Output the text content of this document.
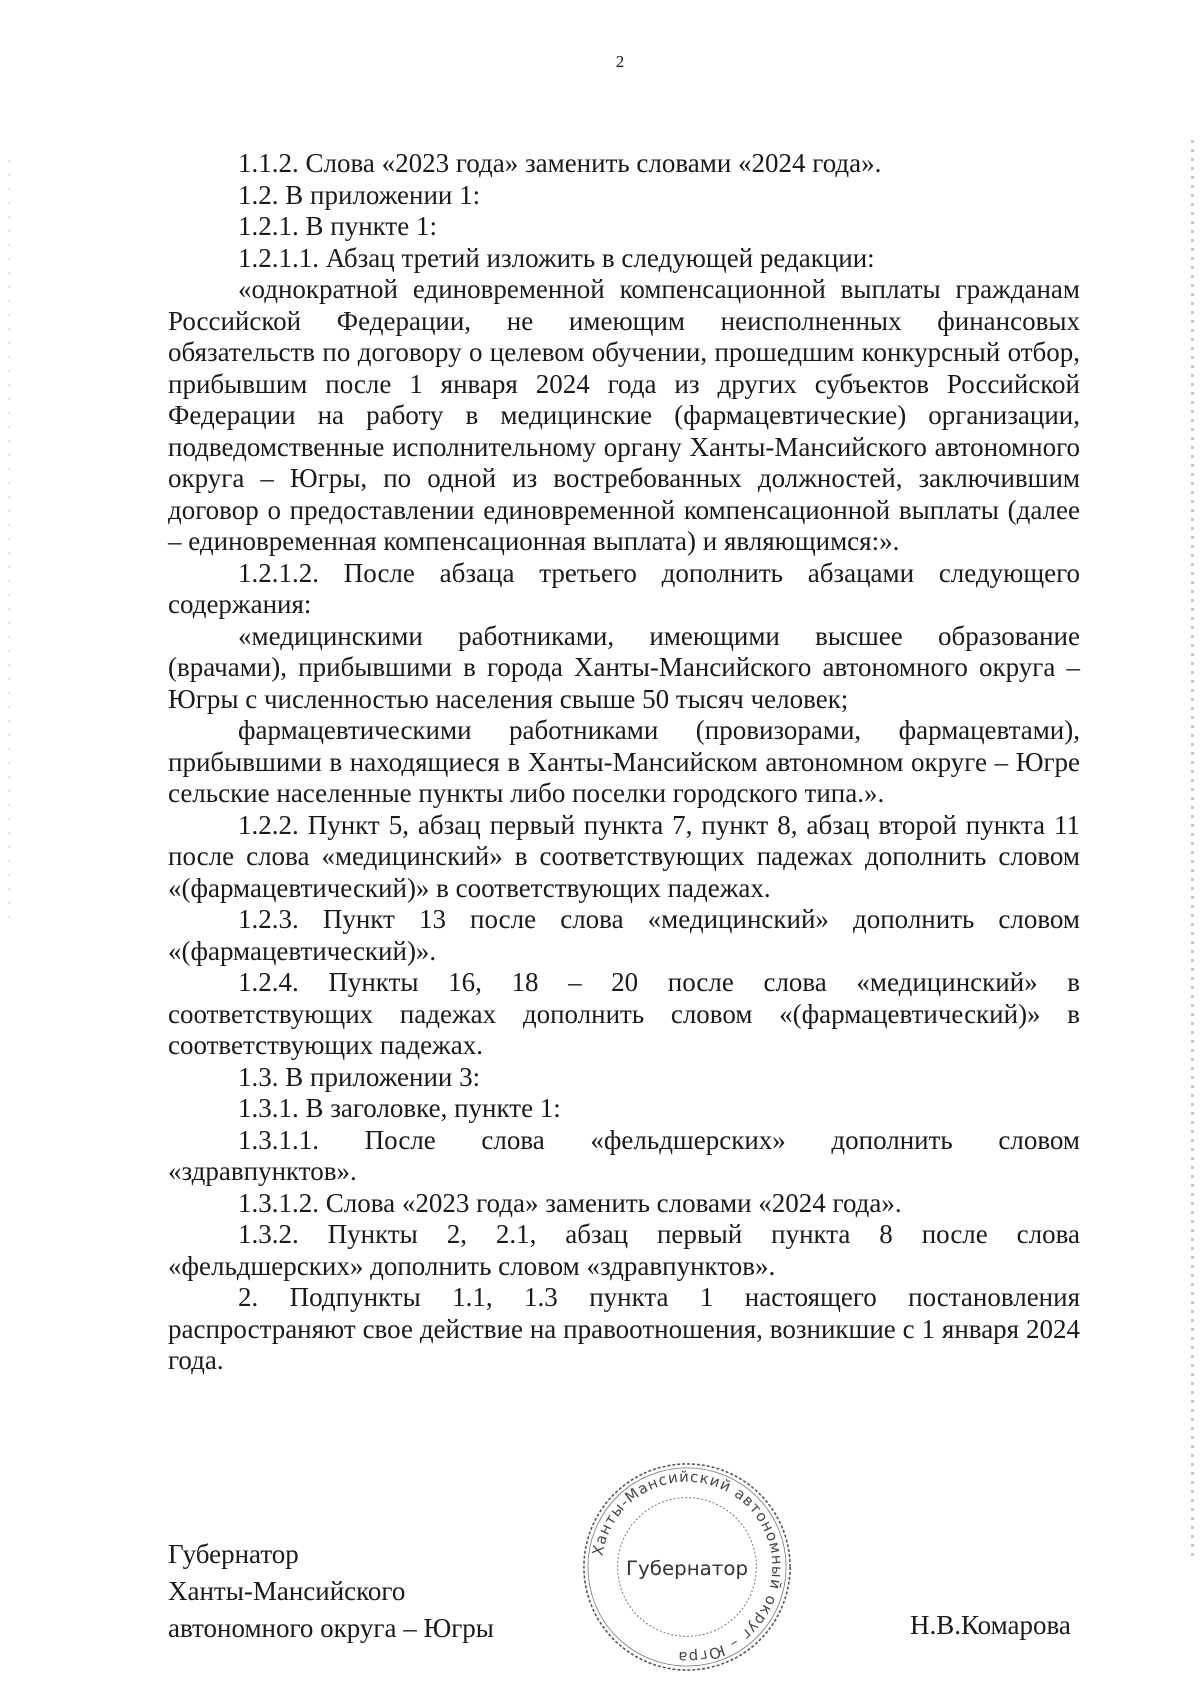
2

1.1.2. Слова «2023 года» заменить словами «2024 года».

1.2. В приложении 1:

1.2.1. В пункте 1:

1.2.1.1. Абзац третий изложить в следующей редакции:

«однократной единовременной компенсационной выплаты гражданам Российской Федерации, не имеющим неисполненных финансовых обязательств по договору о целевом обучении, прошедшим конкурсный отбор, прибывшим после 1 января 2024 года из других субъектов Российской Федерации на работу в медицинские (фармацевтические) организации, подведомственные исполнительному органу Ханты-Мансийского автономного округа – Югры, по одной из востребованных должностей, заключившим договор о предоставлении единовременной компенсационной выплаты (далее – единовременная компенсационная выплата) и являющимся:».

1.2.1.2. После абзаца третьего дополнить абзацами следующего содержания:

«медицинскими работниками, имеющими высшее образование (врачами), прибывшими в города Ханты-Мансийского автономного округа – Югры с численностью населения свыше 50 тысяч человек;

фармацевтическими работниками (провизорами, фармацевтами), прибывшими в находящиеся в Ханты-Мансийском автономном округе – Югре сельские населенные пункты либо поселки городского типа.».

1.2.2. Пункт 5, абзац первый пункта 7, пункт 8, абзац второй пункта 11 после слова «медицинский» в соответствующих падежах дополнить словом «(фармацевтический)» в соответствующих падежах.

1.2.3. Пункт 13 после слова «медицинский» дополнить словом «(фармацевтический)».

1.2.4. Пункты 16, 18 – 20 после слова «медицинский» в соответствующих падежах дополнить словом «(фармацевтический)» в соответствующих падежах.

1.3. В приложении 3:

1.3.1. В заголовке, пункте 1:

1.3.1.1. После слова «фельдшерских» дополнить словом «здравпунктов».

1.3.1.2. Слова «2023 года» заменить словами «2024 года».

1.3.2. Пункты 2, 2.1, абзац первый пункта 8 после слова «фельдшерских» дополнить словом «здравпунктов».

2. Подпункты 1.1, 1.3 пункта 1 настоящего постановления распространяют свое действие на правоотношения, возникшие с 1 января 2024 года.

Губернатор
Ханты-Мансийского
автономного округа – Югры
Ханты-Мансийский автономный округ – Югра
Губернатор
Н.В.Комарова
